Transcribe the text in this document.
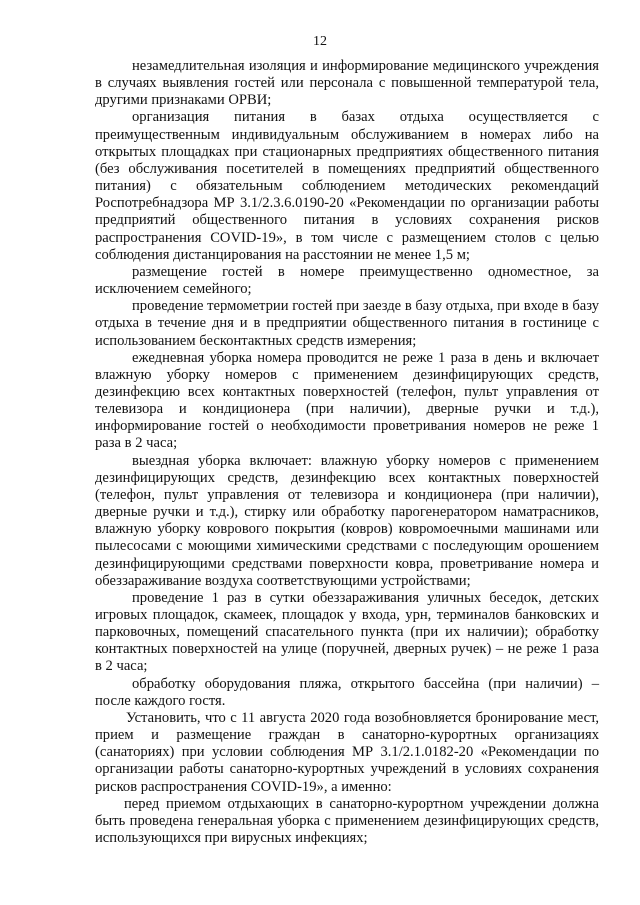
12

незамедлительная изоляция и информирование медицинского учреждения в случаях выявления гостей или персонала с повышенной температурой тела, другими признаками ОРВИ;

организация питания в базах отдыха осуществляется с преимущественным индивидуальным обслуживанием в номерах либо на открытых площадках при стационарных предприятиях общественного питания (без обслуживания посетителей в помещениях предприятий общественного питания) с обязательным соблюдением методических рекомендаций Роспотребнадзора МР 3.1/2.3.6.0190-20 «Рекомендации по организации работы предприятий общественного питания в условиях сохранения рисков распространения COVID-19», в том числе с размещением столов с целью соблюдения дистанцирования на расстоянии не менее 1,5 м;

размещение гостей в номере преимущественно одноместное, за исключением семейного;

проведение термометрии гостей при заезде в базу отдыха, при входе в базу отдыха в течение дня и в предприятии общественного питания в гостинице с использованием бесконтактных средств измерения;

ежедневная уборка номера проводится не реже 1 раза в день и включает влажную уборку номеров с применением дезинфицирующих средств, дезинфекцию всех контактных поверхностей (телефон, пульт управления от телевизора и кондиционера (при наличии), дверные ручки и т.д.), информирование гостей о необходимости проветривания номеров не реже 1 раза в 2 часа;

выездная уборка включает: влажную уборку номеров с применением дезинфицирующих средств, дезинфекцию всех контактных поверхностей (телефон, пульт управления от телевизора и кондиционера (при наличии), дверные ручки и т.д.), стирку или обработку парогенератором наматрасников, влажную уборку коврового покрытия (ковров) ковромоечными машинами или пылесосами с моющими химическими средствами с последующим орошением дезинфицирующими средствами поверхности ковра, проветривание номера и обеззараживание воздуха соответствующими устройствами;

проведение 1 раз в сутки обеззараживания уличных беседок, детских игровых площадок, скамеек, площадок у входа, урн, терминалов банковских и парковочных, помещений спасательного пункта (при их наличии); обработку контактных поверхностей на улице (поручней, дверных ручек) – не реже 1 раза в 2 часа;

обработку оборудования пляжа, открытого бассейна (при наличии) – после каждого гостя.

Установить, что с 11 августа 2020 года возобновляется бронирование мест, прием и размещение граждан в санаторно-курортных организациях (санаториях) при условии соблюдения МР 3.1/2.1.0182-20 «Рекомендации по организации работы санаторно-курортных учреждений в условиях сохранения рисков распространения COVID-19», а именно:

перед приемом отдыхающих в санаторно-курортном учреждении должна быть проведена генеральная уборка с применением дезинфицирующих средств, использующихся при вирусных инфекциях;
